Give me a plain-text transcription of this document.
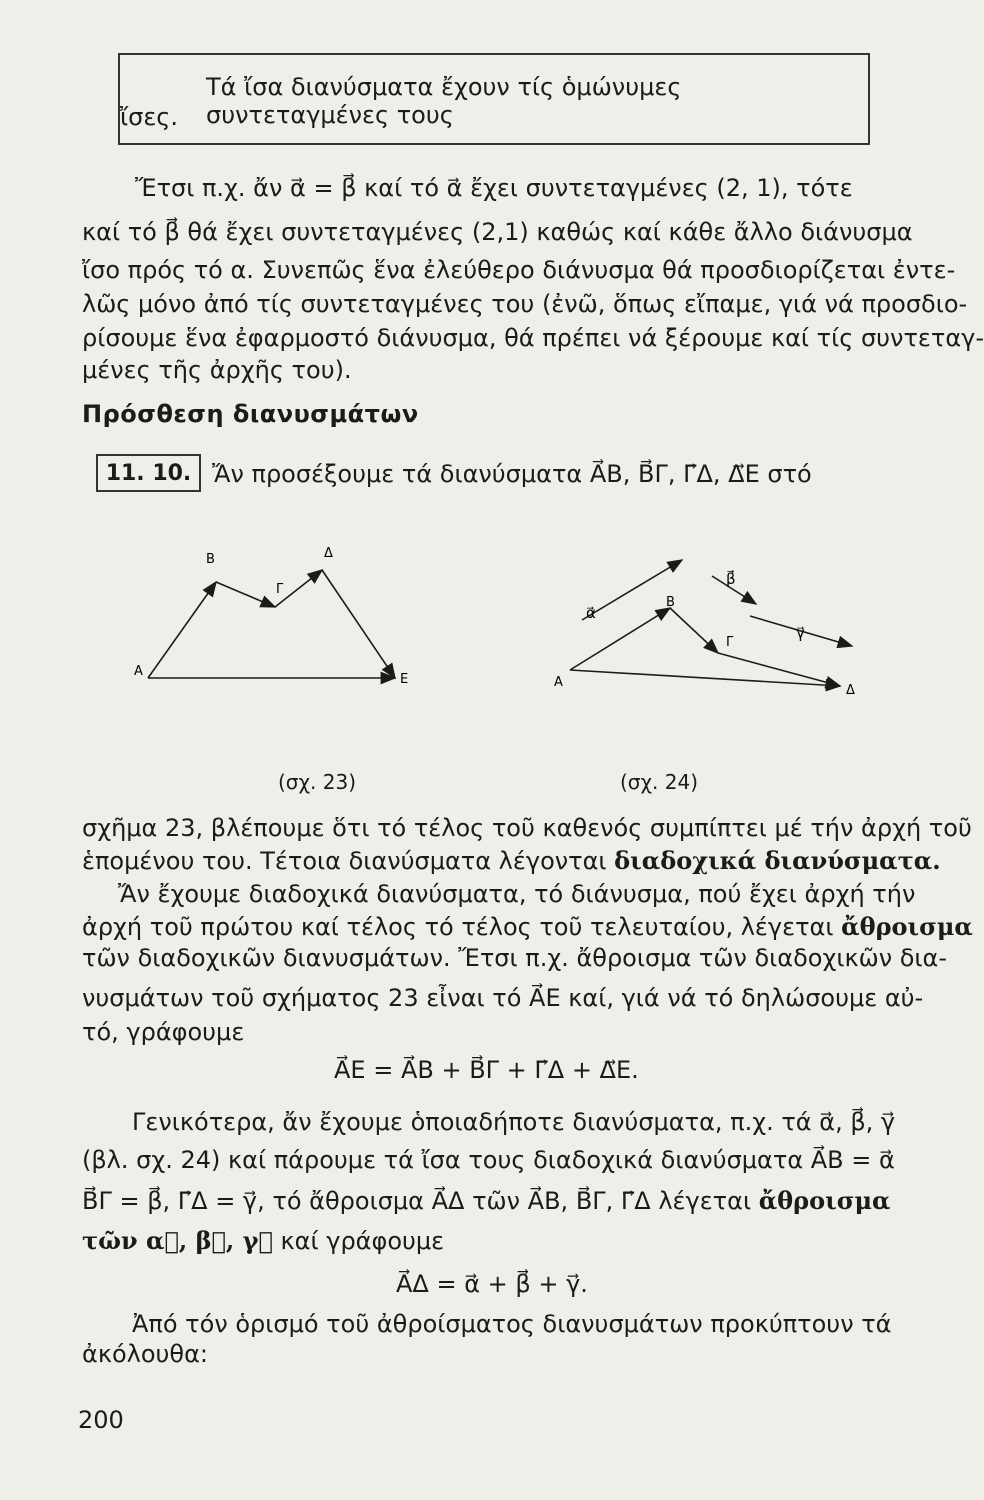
Τά ἴσα διανύσματα ἔχουν τίς ὁμώνυμες συντεταγμένες τους
ἴσες.
Ἔτσι π.χ. ἄν α⃗ = β⃗ καί τό α⃗ ἔχει συντεταγμένες (2, 1), τότε
καί τό β⃗ θά ἔχει συντεταγμένες (2,1) καθώς καί κάθε ἄλλο διάνυσμα
ἴσο πρός τό α. Συνεπῶς ἕνα ἐλεύθερο διάνυσμα θά προσδιορίζεται ἐντε-
λῶς μόνο ἀπό τίς συντεταγμένες του (ἐνῶ, ὅπως εἴπαμε, γιά νά προσδιο-
ρίσουμε ἕνα ἐφαρμοστό διάνυσμα, θά πρέπει νά ξέρουμε καί τίς συντεταγ-
μένες τῆς ἀρχῆς του).
Πρόσθεση διανυσμάτων
11. 10. Ἄν προσέξουμε τά διανύσματα A⃗B, B⃗Γ, Γ⃗Δ, Δ⃗E στό
A
B
Γ
Δ
E
(σχ. 23)
A
B
Γ
Δ
α⃗
β⃗
γ⃗
(σχ. 24)
σχῆμα 23, βλέπουμε ὅτι τό τέλος τοῦ καθενός συμπίπτει μέ τήν ἀρχή τοῦ
ἑπομένου του. Τέτοια διανύσματα λέγονται διαδοχικά διανύσματα.
Ἄν ἔχουμε διαδοχικά διανύσματα, τό διάνυσμα, πού ἔχει ἀρχή τήν
ἀρχή τοῦ πρώτου καί τέλος τό τέλος τοῦ τελευταίου, λέγεται ἄθροισμα
τῶν διαδοχικῶν διανυσμάτων. Ἔτσι π.χ. ἄθροισμα τῶν διαδοχικῶν δια-
νυσμάτων τοῦ σχήματος 23 εἶναι τό A⃗E καί, γιά νά τό δηλώσουμε αὐ-
τό, γράφουμε
A⃗E = A⃗B + B⃗Γ + Γ⃗Δ + Δ⃗E.
Γενικότερα, ἄν ἔχουμε ὁποιαδήποτε διανύσματα, π.χ. τά α⃗, β⃗, γ⃗
(βλ. σχ. 24) καί πάρουμε τά ἴσα τους διαδοχικά διανύσματα A⃗B = α⃗
B⃗Γ = β⃗, Γ⃗Δ = γ⃗, τό ἄθροισμα A⃗Δ τῶν A⃗B, B⃗Γ, Γ⃗Δ λέγεται ἄθροισμα
τῶν α⃗, β⃗, γ⃗ καί γράφουμε
A⃗Δ = α⃗ + β⃗ + γ⃗.
Ἀπό τόν ὁρισμό τοῦ ἀθροίσματος διανυσμάτων προκύπτουν τά
ἀκόλουθα:
200
